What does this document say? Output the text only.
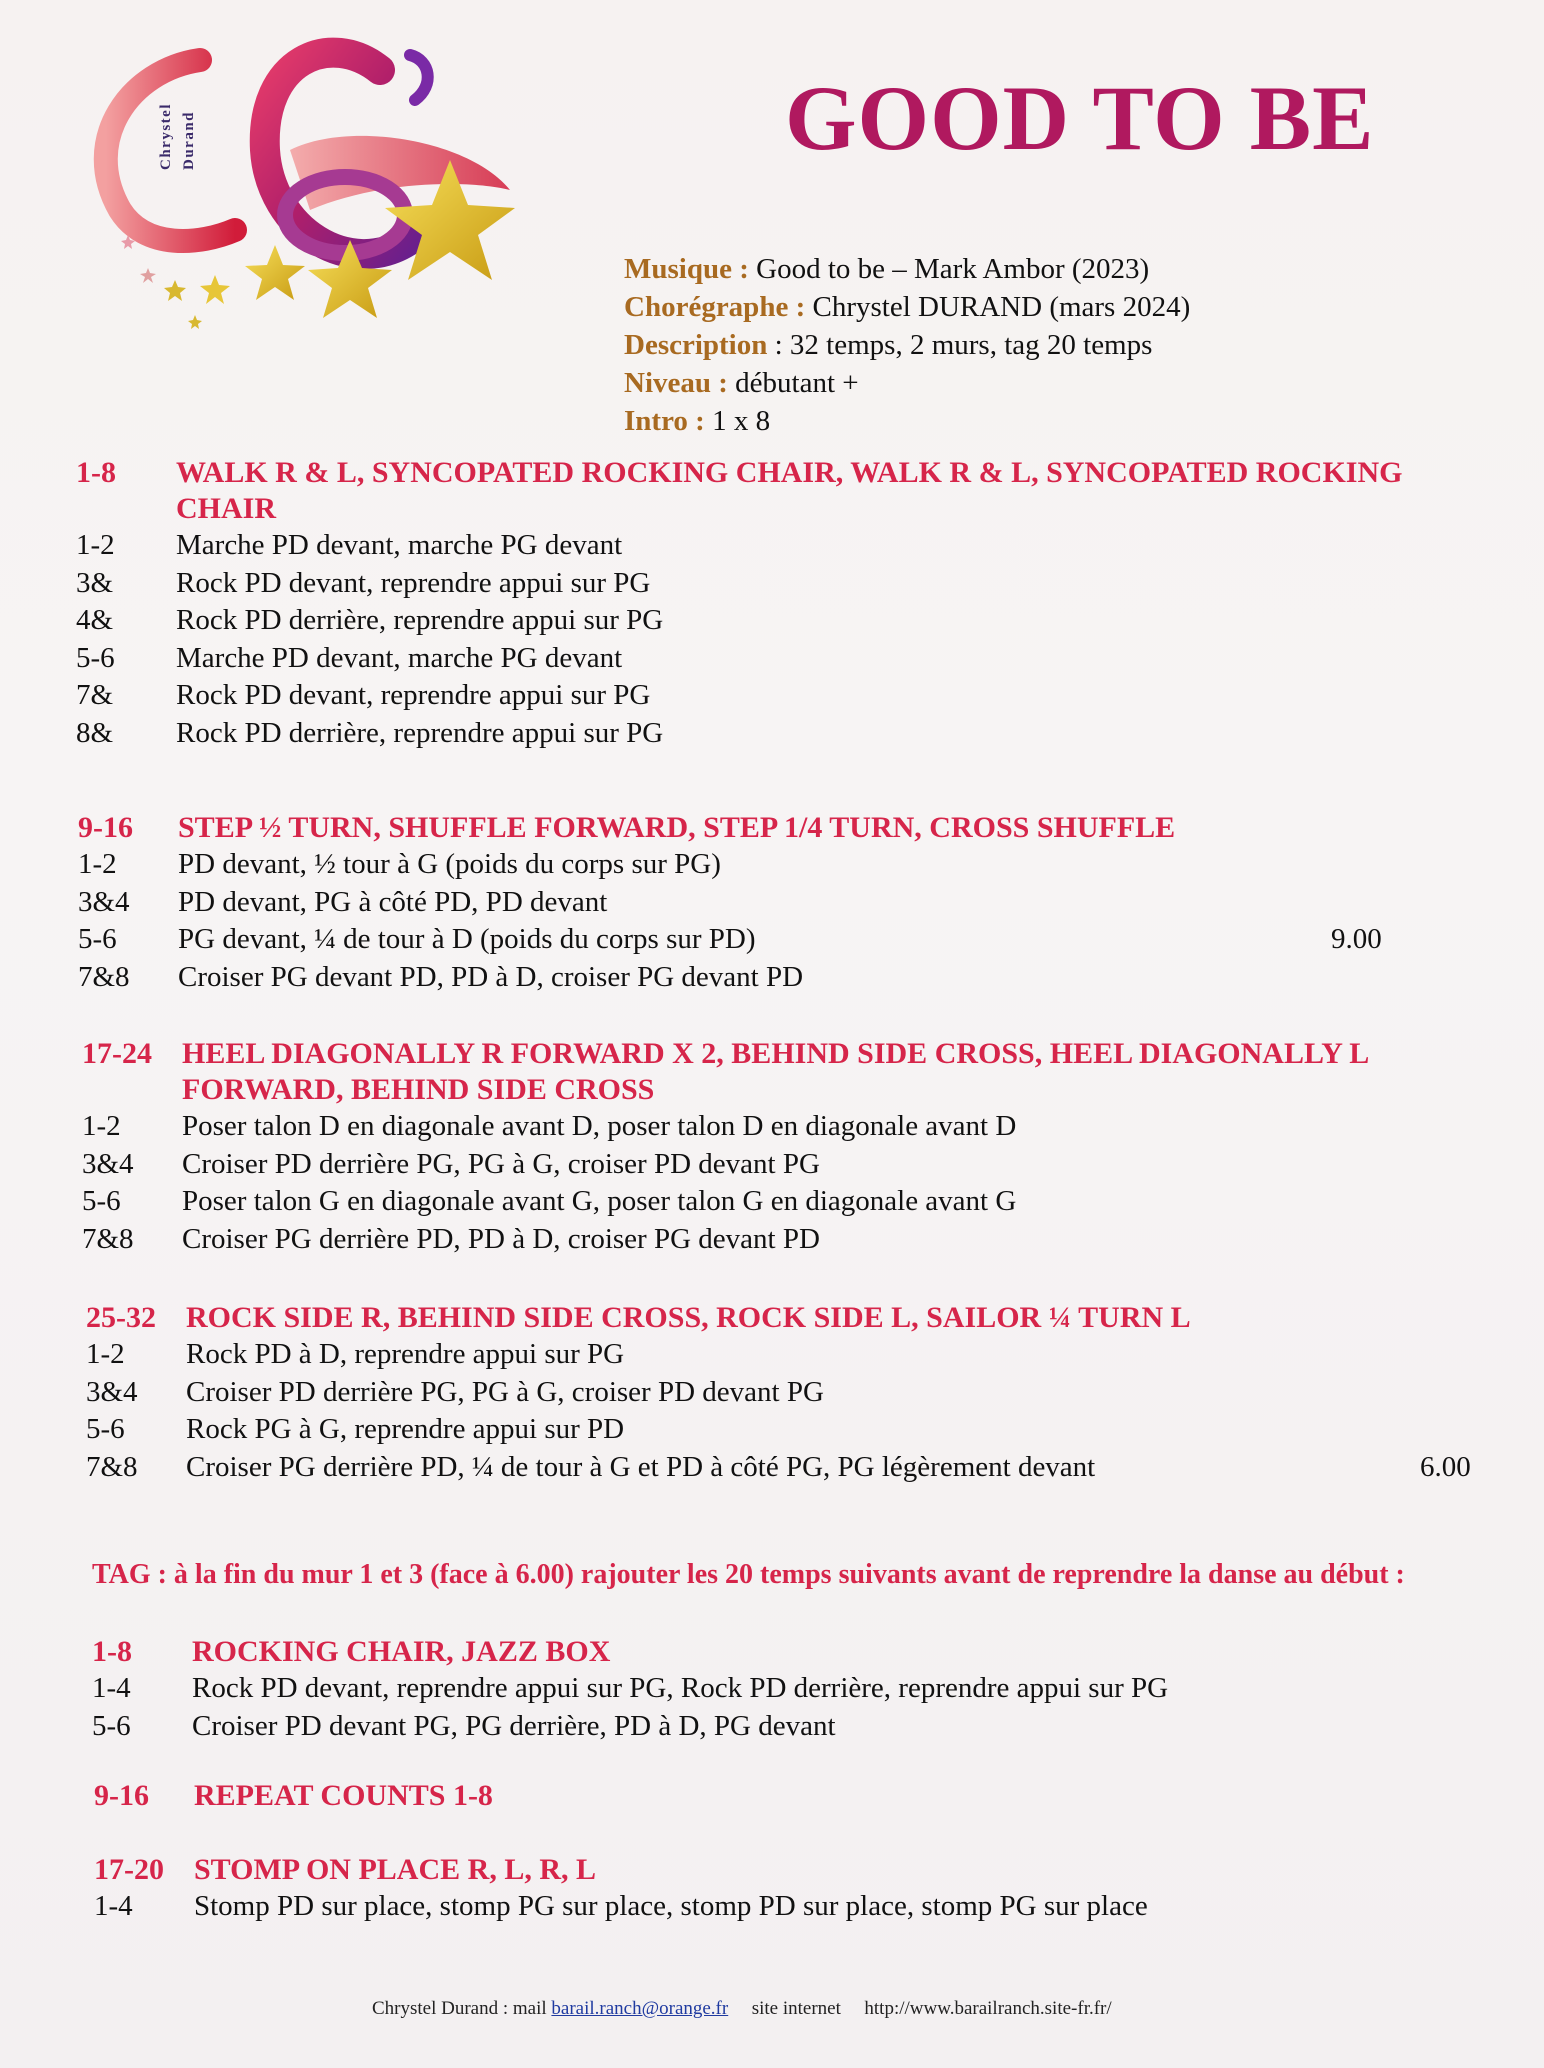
Chrystel Durand	GOOD TO BE
Musique : Good to be – Mark Ambor (2023)
Chorégraphe : Chrystel DURAND (mars 2024)
Description : 32 temps, 2 murs, tag 20 temps
Niveau : débutant +
Intro : 1 x 8
1-8 WALK R & L, SYNCOPATED ROCKING CHAIR, WALK R & L, SYNCOPATED ROCKING CHAIR
1-2 Marche PD devant, marche PG devant
3& Rock PD devant, reprendre appui sur PG
4& Rock PD derrière, reprendre appui sur PG
5-6 Marche PD devant, marche PG devant
7& Rock PD devant, reprendre appui sur PG
8& Rock PD derrière, reprendre appui sur PG
9-16 STEP ½ TURN, SHUFFLE FORWARD, STEP 1/4 TURN, CROSS SHUFFLE
1-2 PD devant, ½ tour à G (poids du corps sur PG)
3&4 PD devant, PG à côté PD, PD devant
5-6 PG devant, ¼ de tour à D (poids du corps sur PD)	9.00
7&8 Croiser PG devant PD, PD à D, croiser PG devant PD
17-24 HEEL DIAGONALLY R FORWARD X 2, BEHIND SIDE CROSS, HEEL DIAGONALLY L FORWARD, BEHIND SIDE CROSS
1-2 Poser talon D en diagonale avant D, poser talon D en diagonale avant D
3&4 Croiser PD derrière PG, PG à G, croiser PD devant PG
5-6 Poser talon G en diagonale avant G, poser talon G en diagonale avant G
7&8 Croiser PG derrière PD, PD à D, croiser PG devant PD
25-32 ROCK SIDE R, BEHIND SIDE CROSS, ROCK SIDE L, SAILOR ¼ TURN L
1-2 Rock PD à D, reprendre appui sur PG
3&4 Croiser PD derrière PG, PG à G, croiser PD devant PG
5-6 Rock PG à G, reprendre appui sur PD
7&8 Croiser PG derrière PD, ¼ de tour à G et PD à côté PG, PG légèrement devant	6.00
TAG : à la fin du mur 1 et 3 (face à 6.00) rajouter les 20 temps suivants avant de reprendre la danse au début :
1-8 ROCKING CHAIR, JAZZ BOX
1-4 Rock PD devant, reprendre appui sur PG, Rock PD derrière, reprendre appui sur PG
5-6 Croiser PD devant PG, PG derrière, PD à D, PG devant
9-16 REPEAT COUNTS 1-8
17-20 STOMP ON PLACE R, L, R, L
1-4 Stomp PD sur place, stomp PG sur place, stomp PD sur place, stomp PG sur place
Chrystel Durand : mail barail.ranch@orange.fr site internet http://www.barailranch.site-fr.fr/
